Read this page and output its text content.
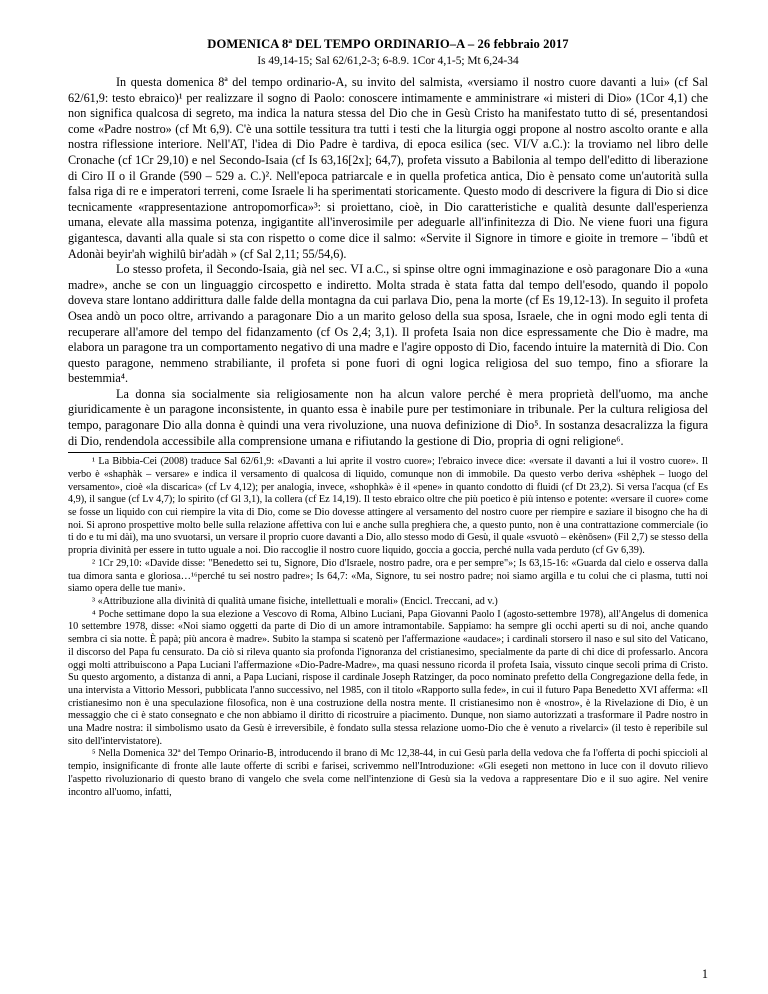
DOMENICA 8ª DEL TEMPO ORDINARIO–A – 26 febbraio 2017
Is 49,14-15; Sal 62/61,2-3; 6-8.9. 1Cor 4,1-5; Mt 6,24-34

In questa domenica 8ª del tempo ordinario-A, su invito del salmista, «versiamo il nostro cuore davanti a lui» (cf Sal 62/61,9: testo ebraico)¹ per realizzare il sogno di Paolo: conoscere intimamente e amministrare «i misteri di Dio» (1Cor 4,1) che non significa qualcosa di segreto, ma indica la natura stessa del Dio che in Gesù Cristo ha manifestato tutto di sé, presentandosi come «Padre nostro» (cf Mt 6,9). C'è una sottile tessitura tra tutti i testi che la liturgia oggi propone al nostro ascolto orante e alla nostra riflessione interiore. Nell'AT, l'idea di Dio Padre è tardiva, di epoca esilica (sec. VI/V a.C.): la troviamo nel libro delle Cronache (cf 1Cr 29,10) e nel Secondo-Isaia (cf Is 63,16[2x]; 64,7), profeta vissuto a Babilonia al tempo dell'editto di liberazione di Ciro II o il Grande (590 – 529 a. C.)². Nell'epoca patriarcale e in quella profetica antica, Dio è pensato come un'autorità sulla falsa riga di re e imperatori terreni, come Israele li ha sperimentati storicamente. Questo modo di descrivere la figura di Dio si dice tecnicamente «rappresentazione antropomorfica»³: si proiettano, cioè, in Dio caratteristiche e qualità desunte dall'esperienza umana, elevate alla massima potenza, ingigantite all'inverosimile per adeguarle all'infinitezza di Dio. Ne viene fuori una figura gigantesca, davanti alla quale si sta con rispetto o come dice il salmo: «Servite il Signore in timore e gioite in tremore – 'ibdû et Adonài beyir'ah wighilû bir'adàh » (cf Sal 2,11; 55/54,6).

Lo stesso profeta, il Secondo-Isaia, già nel sec. VI a.C., si spinse oltre ogni immaginazione e osò paragonare Dio a «una madre», anche se con un linguaggio circospetto e indiretto. Molta strada è stata fatta dal tempo dell'esodo, quando il popolo doveva stare lontano addirittura dalle falde della montagna da cui parlava Dio, pena la morte (cf Es 19,12-13). In seguito il profeta Osea andò un poco oltre, arrivando a paragonare Dio a un marito geloso della sua sposa, Israele, che in ogni modo egli tenta di recuperare all'amore del tempo del fidanzamento (cf Os 2,4; 3,1). Il profeta Isaia non dice espressamente che Dio è madre, ma elabora un paragone tra un comportamento negativo di una madre e l'agire opposto di Dio, facendo intuire la maternità di Dio. Con questo paragone, nemmeno strabiliante, il profeta si pone fuori di ogni logica religiosa del suo tempo, fino a sfiorare la bestemmia⁴.

La donna sia socialmente sia religiosamente non ha alcun valore perché è mera proprietà dell'uomo, ma anche giuridicamente è un paragone inconsistente, in quanto essa è inabile pure per testimoniare in tribunale. Per la cultura religiosa del tempo, paragonare Dio alla donna è quindi una vera rivoluzione, una nuova definizione di Dio⁵. In sostanza desacralizza la figura di Dio, rendendola accessibile alla comprensione umana e rifiutando la gestione di Dio, propria di ogni religione⁶.

¹ La Bibbia-Cei (2008) traduce Sal 62/61,9: «Davanti a lui aprite il vostro cuore»; l'ebraico invece dice: «versate il davanti a lui il vostro cuore». Il verbo è «shaphàk – versare» e indica il versamento di qualcosa di liquido, comunque non di immobile. Da questo verbo deriva «shèphek – luogo del versamento», cioè «la discarica» (cf Lv 4,12); per analogia, invece, «shophkà» è il «pene» in quanto condotto di fluidi (cf Dt 23,2). Si versa l'acqua (cf Es 4,9), il sangue (cf Lv 4,7); lo spirito (cf Gl 3,1), la collera (cf Ez 14,19). Il testo ebraico oltre che più poetico è più intenso e potente: «versare il cuore» come se fosse un liquido con cui riempire la vita di Dio, come se Dio dovesse attingere al versamento del nostro cuore per riempire e saziare il bisogno che ha di noi. Si aprono prospettive molto belle sulla relazione affettiva con lui e anche sulla preghiera che, a questo punto, non è una contrattazione commerciale (io ti do e tu mi dài), ma uno svuotarsi, un versare il proprio cuore davanti a Dio, allo stesso modo di Gesù, il quale «svuotò – ekènōsen» (Fil 2,7) se stesso della propria divinità per essere in tutto uguale a noi. Dio raccoglie il nostro cuore liquido, goccia a goccia, perché nulla vada perduto (cf Gv 6,39).

² 1Cr 29,10: «Davide disse: "Benedetto sei tu, Signore, Dio d'Israele, nostro padre, ora e per sempre"»; Is 63,15-16: «Guarda dal cielo e osserva dalla tua dimora santa e gloriosa…¹⁶perché tu sei nostro padre»; Is 64,7: «Ma, Signore, tu sei nostro padre; noi siamo argilla e tu colui che ci plasma, tutti noi siamo opera delle tue mani».

³ «Attribuzione alla divinità di qualità umane fisiche, intellettuali e morali» (Encicl. Treccani, ad v.)

⁴ Poche settimane dopo la sua elezione a Vescovo di Roma, Albino Luciani, Papa Giovanni Paolo I (agosto-settembre 1978), all'Angelus di domenica 10 settembre 1978, disse: «Noi siamo oggetti da parte di Dio di un amore intramontabile. Sappiamo: ha sempre gli occhi aperti su di noi, anche quando sembra ci sia notte. È papà; più ancora è madre». Subito la stampa si scatenò per l'affermazione «audace»; i cardinali storsero il naso e sul sito del Vaticano, il discorso del Papa fu censurato. Da ciò si rileva quanto sia profonda l'ignoranza del cristianesimo, specialmente da parte di chi dice di professarlo. Ancora oggi molti attribuiscono a Papa Luciani l'affermazione «Dio-Padre-Madre», ma quasi nessuno ricorda il profeta Isaia, vissuto cinque secoli prima di Cristo. Su questo argomento, a distanza di anni, a Papa Luciani, rispose il cardinale Joseph Ratzinger, da poco nominato prefetto della Congregazione della fede, in una intervista a Vittorio Messori, pubblicata l'anno successivo, nel 1985, con il titolo «Rapporto sulla fede», in cui il futuro Papa Benedetto XVI afferma: «Il cristianesimo non è una speculazione filosofica, non è una costruzione della nostra mente. Il cristianesimo non è «nostro», è la Rivelazione di Dio, è un messaggio che ci è stato consegnato e che non abbiamo il diritto di ricostruire a piacimento. Dunque, non siamo autorizzati a trasformare il Padre nostro in una Madre nostra: il simbolismo usato da Gesù è irreversibile, è fondato sulla stessa relazione uomo-Dio che è venuto a rivelarci» (il testo è reperibile sul sito dell'intervistatore).

⁵ Nella Domenica 32ª del Tempo Orinario-B, introducendo il brano di Mc 12,38-44, in cui Gesù parla della vedova che fa l'offerta di pochi spiccioli al tempio, insignificante di fronte alle laute offerte di scribi e farisei, scrivemmo nell'Introduzione: «Gli esegeti non mettono in luce con il dovuto rilievo l'aspetto rivoluzionario di questo brano di vangelo che svela come nell'intenzione di Gesù sia la vedova a rappresentare Dio e il suo agire. Nel venire incontro all'uomo, infatti,

1
